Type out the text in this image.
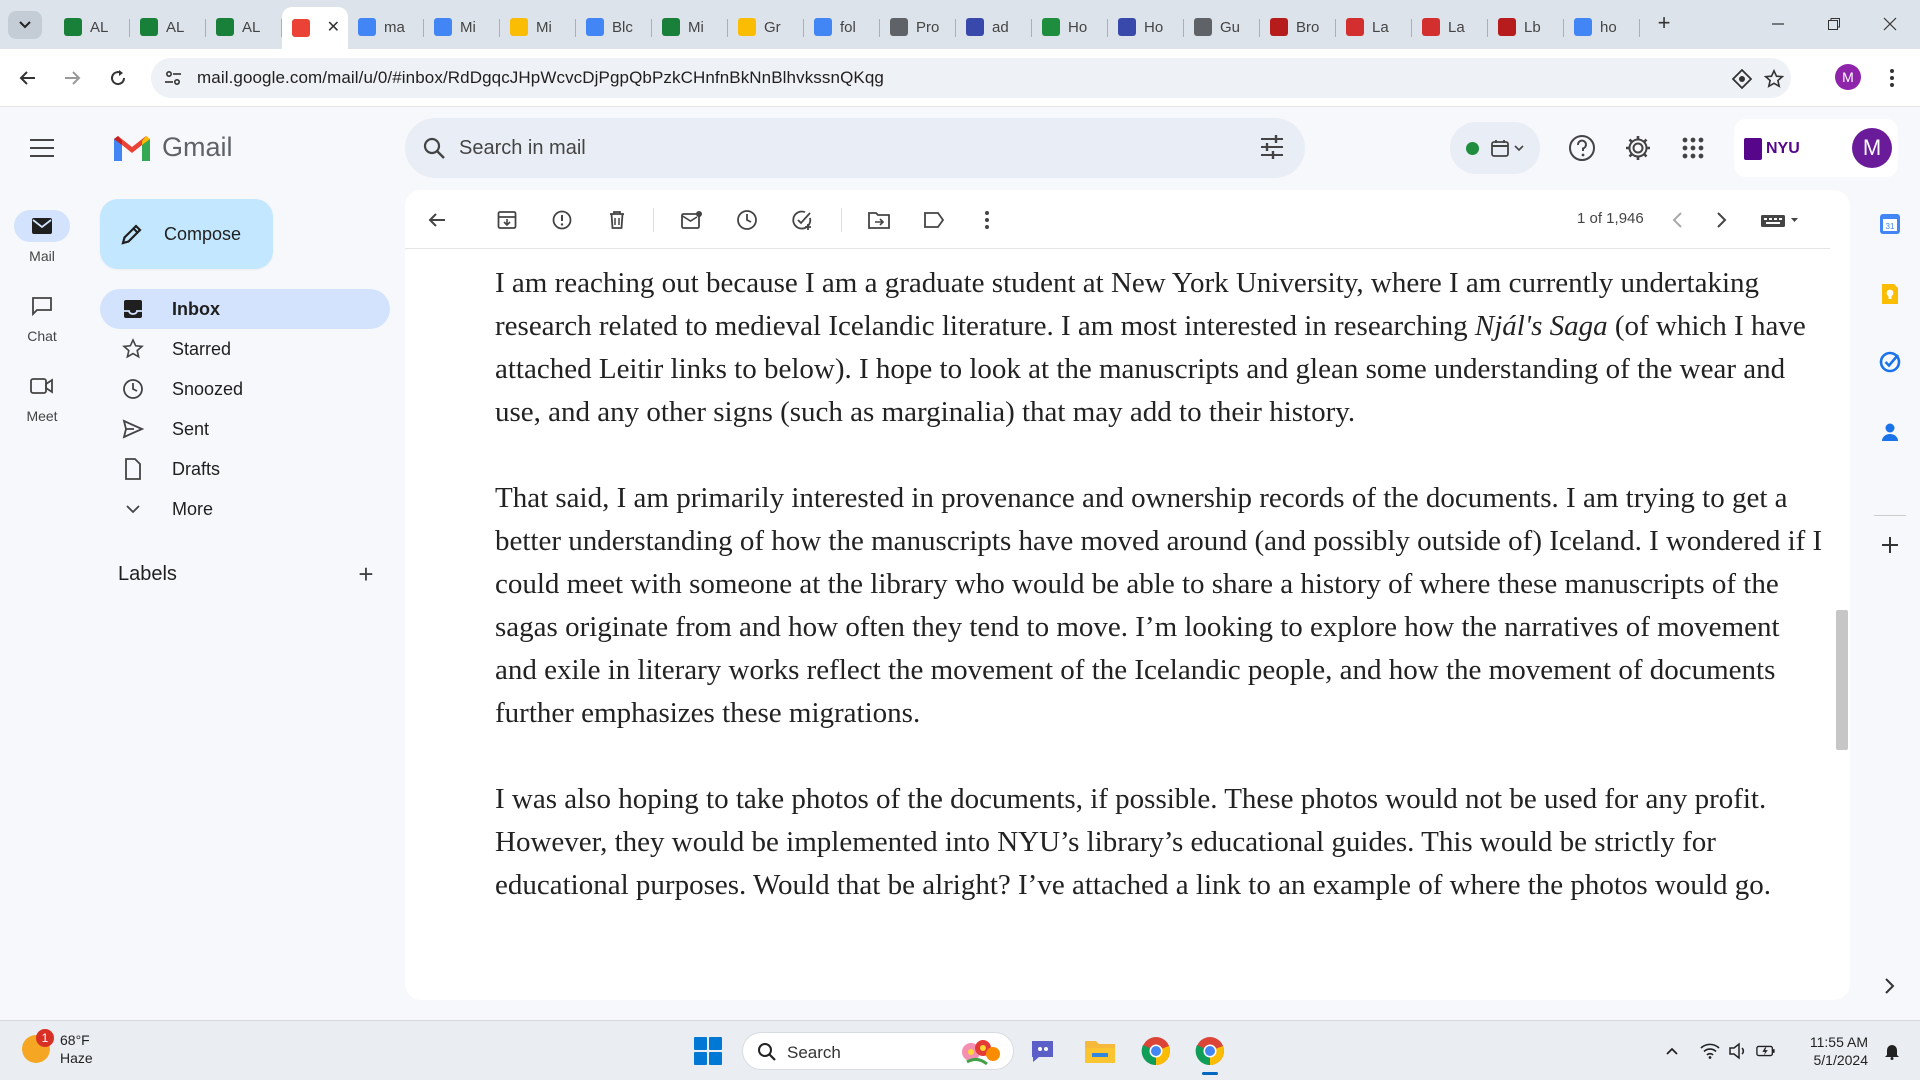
AL	AL	AL	✕	ma	Mi	Mi	Blc	Mi	Gr	fol	Pro	ad	Ho	Ho	Gu	Bro	La	La	Lb	ho +
mail.google.com/mail/u/0/#inbox/RdDgqcJHpWcvcDjPgpQbPzkCHnfnBkNnBlhvkssnQKqg	M
Mail
Chat
Meet
Gmail
Search in mail	NYU	M
Compose
Inbox
Starred
Snoozed
Sent
Drafts
More
Labels	+
1 of 1,946

I am reaching out because I am a graduate student at New York University, where I am currently undertaking research related to medieval Icelandic literature. I am most interested in researching Njál's Saga (of which I have attached Leitir links to below). I hope to look at the manuscripts and glean some understanding of the wear and use, and any other signs (such as marginalia) that may add to their history.

That said, I am primarily interested in provenance and ownership records of the documents. I am trying to get a better understanding of how the manuscripts have moved around (and possibly outside of) Iceland. I wondered if I could meet with someone at the library who would be able to share a history of where these manuscripts of the sagas originate from and how often they tend to move. I’m looking to explore how the narratives of movement and exile in literary works reflect the movement of the Icelandic people, and how the movement of documents further emphasizes these migrations.

I was also hoping to take photos of the documents, if possible. These photos would not be used for any profit. However, they would be implemented into NYU’s library’s educational guides. This would be strictly for educational purposes. Would that be alright? I’ve attached a link to an example of where the photos would go.

31
1 68°F
Haze	Search
11:55 AM
5/1/2024
